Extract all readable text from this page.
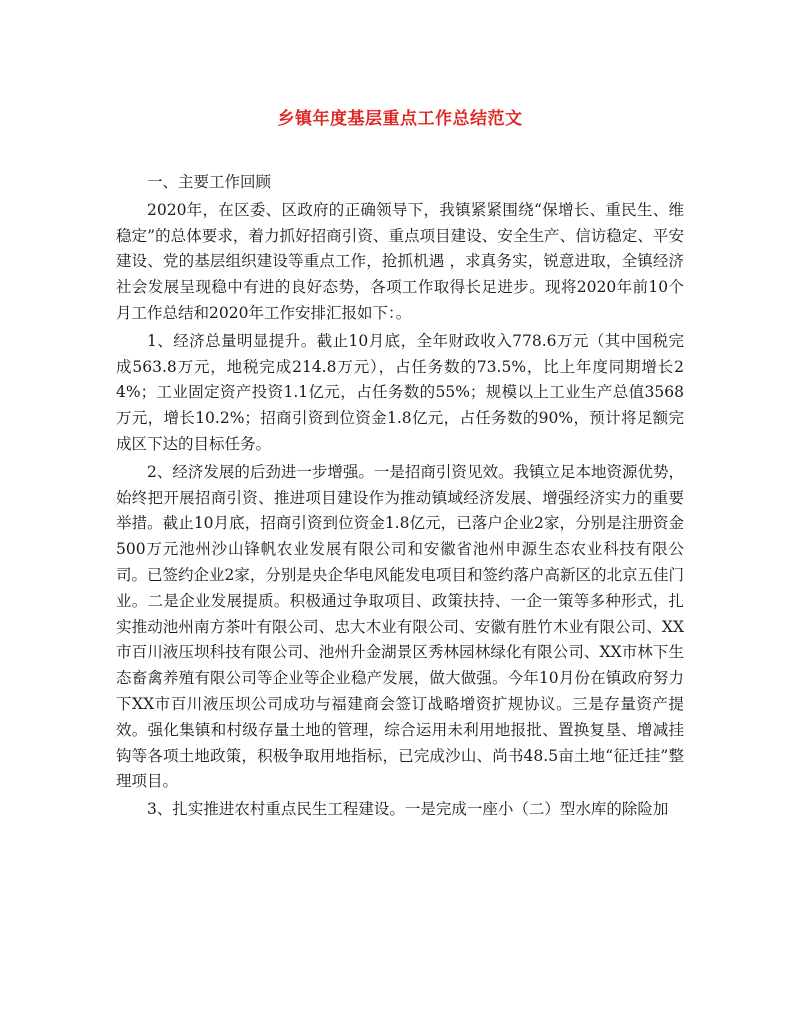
乡镇年度基层重点工作总结范文

一、主要工作回顾

2020年，在区委、区政府的正确领导下，我镇紧紧围绕“保增长、重民生、维稳定”的总体要求，着力抓好招商引资、重点项目建设、安全生产、信访稳定、平安建设、党的基层组织建设等重点工作，抢抓机遇 ，求真务实，锐意进取，全镇经济社会发展呈现稳中有进的良好态势，各项工作取得长足进步。现将2020年前10个月工作总结和2020年工作安排汇报如下：。

1、经济总量明显提升。截止10月底，全年财政收入778.6万元（其中国税完成563.8万元，地税完成214.8万元），占任务数的73.5%，比上年度同期增长24%；工业固定资产投资1.1亿元，占任务数的55%；规模以上工业生产总值3568万元，增长10.2%；招商引资到位资金1.8亿元，占任务数的90%，预计将足额完成区下达的目标任务。

2、经济发展的后劲进一步增强。一是招商引资见效。我镇立足本地资源优势，始终把开展招商引资、推进项目建设作为推动镇域经济发展、增强经济实力的重要举措。截止10月底，招商引资到位资金1.8亿元，已落户企业2家，分别是注册资金500万元池州沙山锋帆农业发展有限公司和安徽省池州申源生态农业科技有限公司。已签约企业2家，分别是央企华电风能发电项目和签约落户高新区的北京五佳门业。二是企业发展提质。积极通过争取项目、政策扶持、一企一策等多种形式，扎实推动池州南方茶叶有限公司、忠大木业有限公司、安徽有胜竹木业有限公司、XX市百川液压坝科技有限公司、池州升金湖景区秀林园林绿化有限公司、XX市林下生态畜禽养殖有限公司等企业等企业稳产发展，做大做强。今年10月份在镇政府努力下XX市百川液压坝公司成功与福建商会签订战略增资扩规协议。三是存量资产提效。强化集镇和村级存量土地的管理，综合运用未利用地报批、置换复垦、增减挂钩等各项土地政策，积极争取用地指标，已完成沙山、尚书48.5亩土地“征迁挂”整理项目。

3、扎实推进农村重点民生工程建设。一是完成一座小（二）型水库的除险加
